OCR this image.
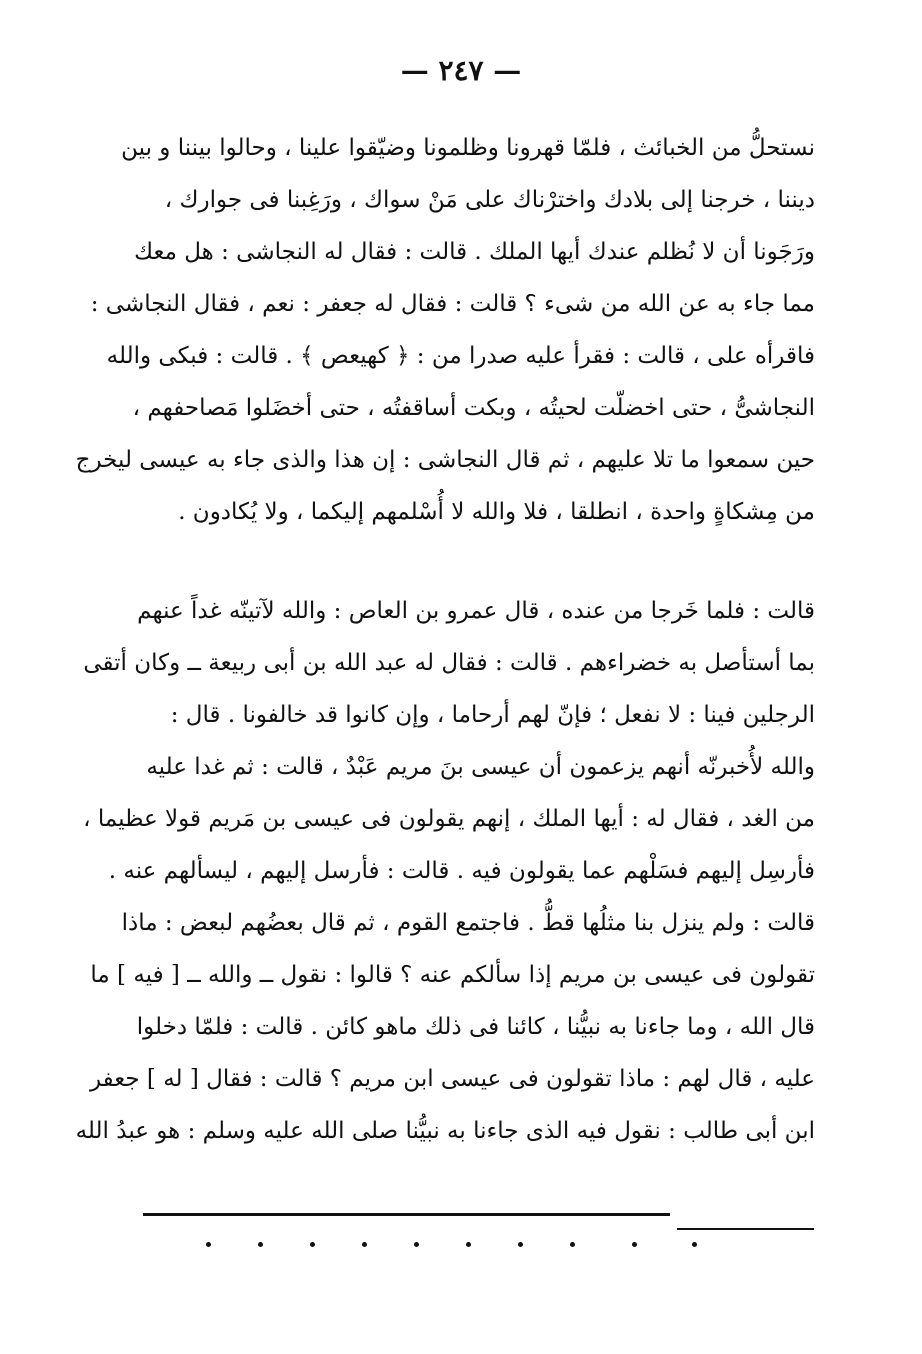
— ٢٤٧ —
نستحلُّ من الخبائث ، فلمّا قهرونا وظلمونا وضيّقوا علينا ، وحالوا بيننا و بين
ديننا ، خرجنا إلى بلادك واخترْناك على مَنْ سواك ، ورَغِبنا فى جوارك ،
ورَجَونا أن لا نُظلم عندك أيها الملك . قالت : فقال له النجاشى : هل معك
مما جاء به عن الله من شىء ؟ قالت : فقال له جعفر : نعم ، فقال النجاشى :
فاقرأه على ، قالت : فقرأ عليه صدرا من : ﴿ كهيعص ﴾ . قالت : فبكى والله
النجاشىُّ ، حتى اخضلّت لحيتُه ، وبكت أساقفتُه ، حتى أخضَلوا مَصاحفهم ،
حين سمعوا ما تلا عليهم ، ثم قال النجاشى : إن هذا والذى جاء به عيسى ليخرج
من مِشكاةٍ واحدة ، انطلقا ، فلا والله لا أُسْلمهم إليكما ، ولا يُكادون .
قالت : فلما خَرجا من عنده ، قال عمرو بن العاص : والله لآتينّه غداً عنهم
بما أستأصل به خضراءهم . قالت : فقال له عبد الله بن أبى ربيعة ــ وكان أتقى
الرجلين فينا : لا نفعل ؛ فإنّ لهم أرحاما ، وإن كانوا قد خالفونا . قال :
والله لأُخبرنّه أنهم يزعمون أن عيسى بنَ مريم عَبْدٌ ، قالت : ثم غدا عليه
من الغد ، فقال له : أيها الملك ، إنهم يقولون فى عيسى بن مَريم قولا عظيما ،
فأرسِل إليهم فسَلْهم عما يقولون فيه . قالت : فأرسل إليهم ، ليسألهم عنه .
قالت : ولم ينزل بنا مثلُها قطُّ . فاجتمع القوم ، ثم قال بعضُهم لبعض : ماذا
تقولون فى عيسى بن مريم إذا سألكم عنه ؟ قالوا : نقول ــ والله ــ [ فيه ] ما
قال الله ، وما جاءنا به نبيُّنا ، كائنا فى ذلك ماهو كائن . قالت : فلمّا دخلوا
عليه ، قال لهم : ماذا تقولون فى عيسى ابن مريم ؟ قالت : فقال [ له ] جعفر
ابن أبى طالب : نقول فيه الذى جاءنا به نبيُّنا صلى الله عليه وسلم : هو عبدُ الله
